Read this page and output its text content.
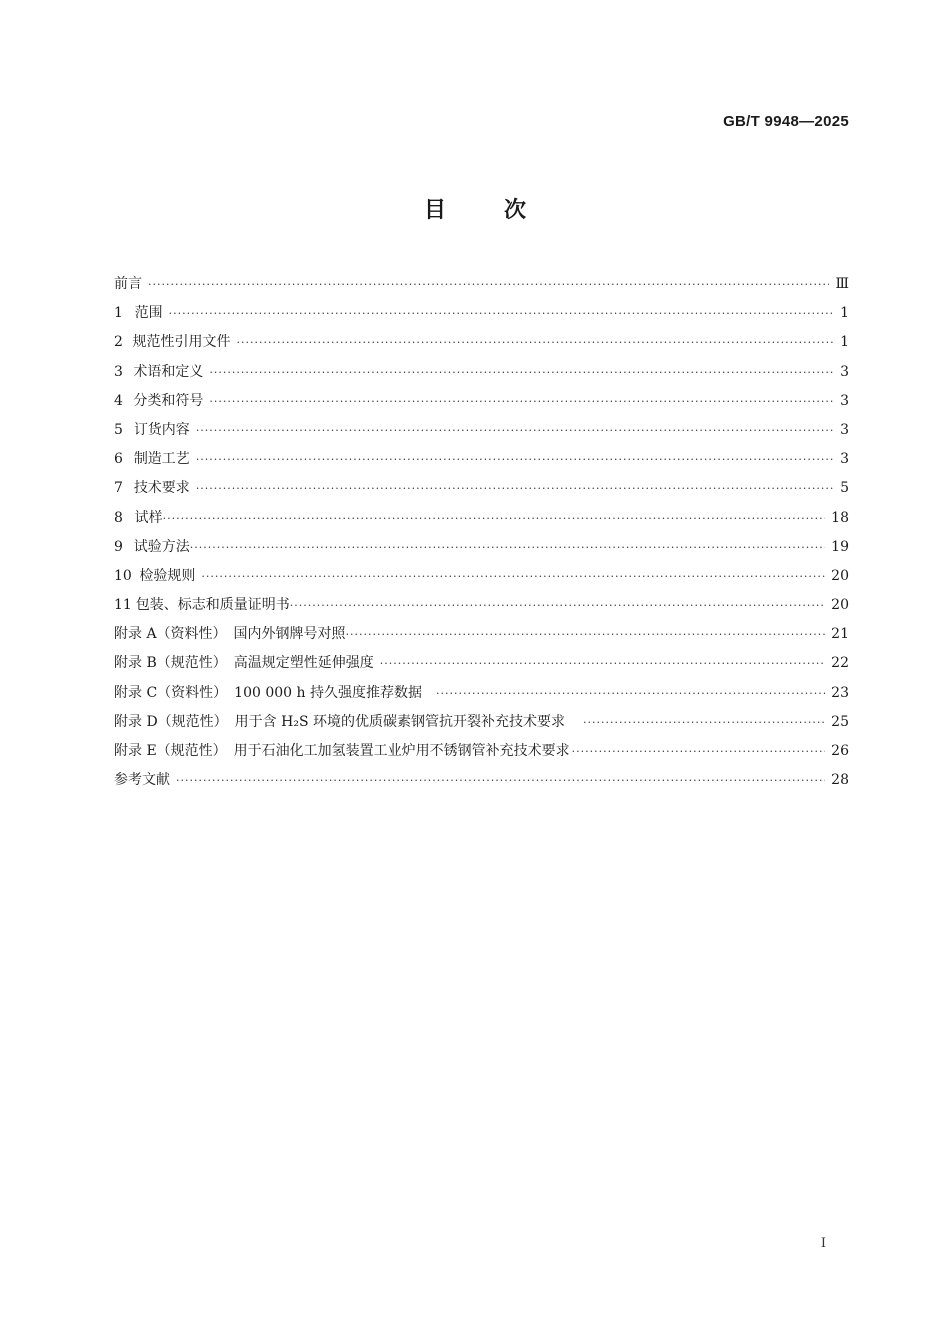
GB/T 9948—2025
目	次
前言 ·····	Ⅲ
1 范围 ·····	1
2 规范性引用文件 ·····	1
3 术语和定义 ·····	3
4 分类和符号 ·····	3
5 订货内容 ·····	3
6 制造工艺 ·····	3
7 技术要求 ·····	5
8 试样 ·····	18
9 试验方法 ·····	19
10 检验规则 ·····	20
11 包装、标志和质量证明书 ·····	20
附录 A（资料性）　国内外钢牌号对照 ·····	21
附录 B（规范性）　高温规定塑性延伸强度 ·····	22
附录 C（资料性）　100 000 h 持久强度推荐数据 ·····	23
附录 D（规范性）　用于含 H₂S 环境的优质碳素钢管抗开裂补充技术要求 ·····	25
附录 E（规范性）　用于石油化工加氢装置工业炉用不锈钢管补充技术要求 ·····	26
参考文献 ·····	28
I
